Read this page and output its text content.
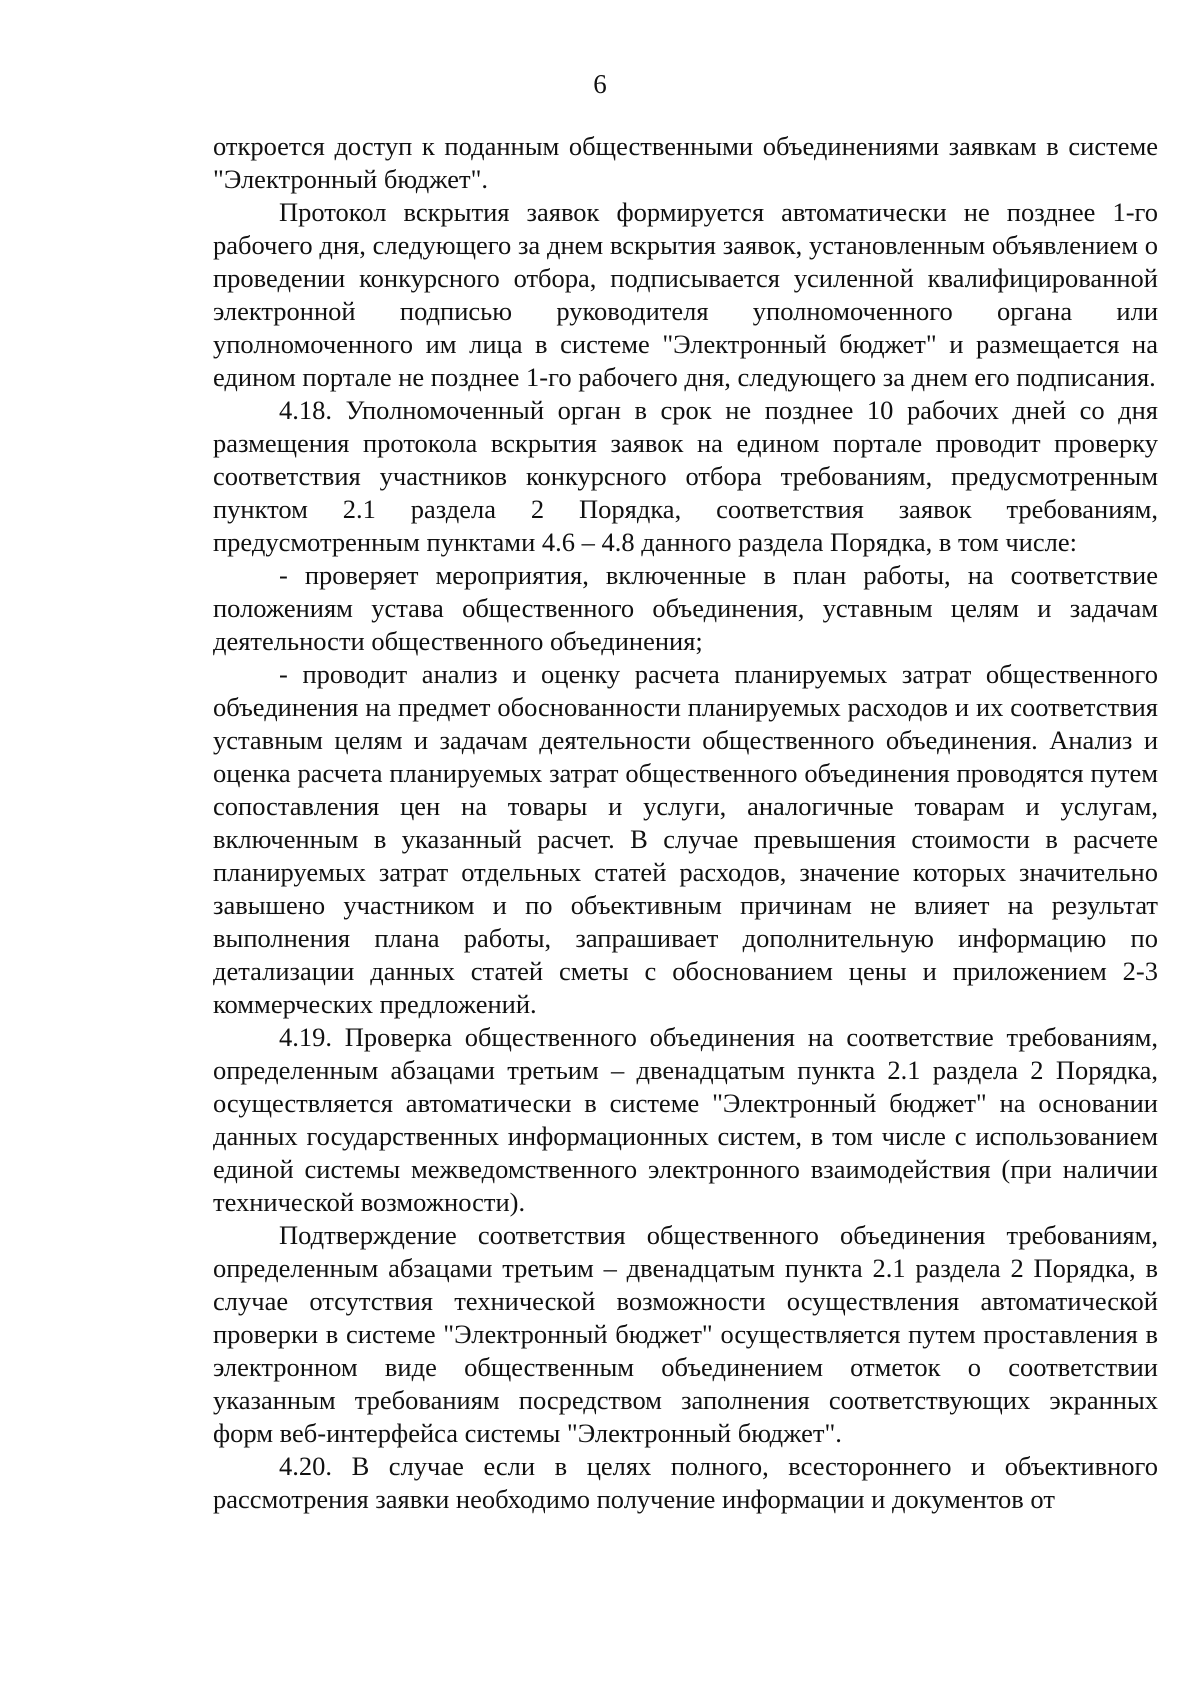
6

откроется доступ к поданным общественными объединениями заявкам в системе "Электронный бюджет".

Протокол вскрытия заявок формируется автоматически не позднее 1-го рабочего дня, следующего за днем вскрытия заявок, установленным объявлением о проведении конкурсного отбора, подписывается усиленной квалифицированной электронной подписью руководителя уполномоченного органа или уполномоченного им лица в системе "Электронный бюджет" и размещается на едином портале не позднее 1-го рабочего дня, следующего за днем его подписания.

4.18. Уполномоченный орган в срок не позднее 10 рабочих дней со дня размещения протокола вскрытия заявок на едином портале проводит проверку соответствия участников конкурсного отбора требованиям, предусмотренным пунктом 2.1 раздела 2 Порядка, соответствия заявок требованиям, предусмотренным пунктами 4.6 – 4.8 данного раздела Порядка, в том числе:

- проверяет мероприятия, включенные в план работы, на соответствие положениям устава общественного объединения, уставным целям и задачам деятельности общественного объединения;

- проводит анализ и оценку расчета планируемых затрат общественного объединения на предмет обоснованности планируемых расходов и их соответствия уставным целям и задачам деятельности общественного объединения. Анализ и оценка расчета планируемых затрат общественного объединения проводятся путем сопоставления цен на товары и услуги, аналогичные товарам и услугам, включенным в указанный расчет. В случае превышения стоимости в расчете планируемых затрат отдельных статей расходов, значение которых значительно завышено участником и по объективным причинам не влияет на результат выполнения плана работы, запрашивает дополнительную информацию по детализации данных статей сметы с обоснованием цены и приложением 2-3 коммерческих предложений.

4.19. Проверка общественного объединения на соответствие требованиям, определенным абзацами третьим – двенадцатым пункта 2.1 раздела 2 Порядка, осуществляется автоматически в системе "Электронный бюджет" на основании данных государственных информационных систем, в том числе с использованием единой системы межведомственного электронного взаимодействия (при наличии технической возможности).

Подтверждение соответствия общественного объединения требованиям, определенным абзацами третьим – двенадцатым пункта 2.1 раздела 2 Порядка, в случае отсутствия технической возможности осуществления автоматической проверки в системе "Электронный бюджет" осуществляется путем проставления в электронном виде общественным объединением отметок о соответствии указанным требованиям посредством заполнения соответствующих экранных форм веб-интерфейса системы "Электронный бюджет".

4.20. В случае если в целях полного, всестороннего и объективного рассмотрения заявки необходимо получение информации и документов от
